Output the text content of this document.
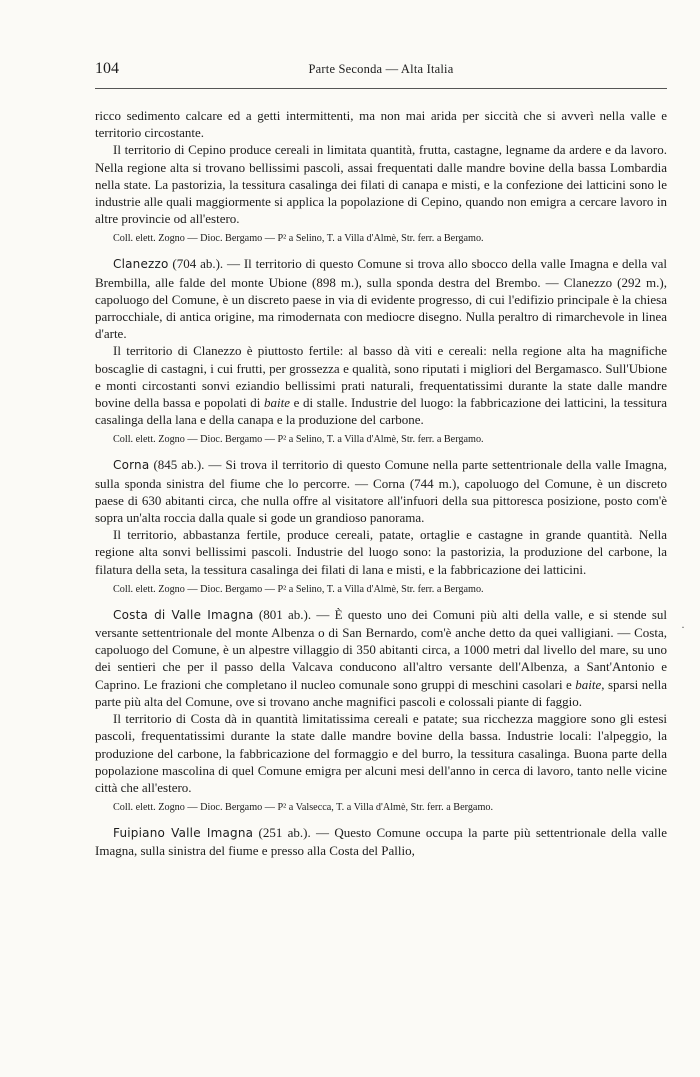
104	Parte Seconda — Alta Italia

ricco sedimento calcare ed a getti intermittenti, ma non mai arida per siccità che si avverì nella valle e territorio circostante.

Il territorio di Cepino produce cereali in limitata quantità, frutta, castagne, legname da ardere e da lavoro. Nella regione alta si trovano bellissimi pascoli, assai frequentati dalle mandre bovine della bassa Lombardia nella state. La pastorizia, la tessitura casalinga dei filati di canapa e misti, e la confezione dei latticini sono le industrie alle quali maggiormente si applica la popolazione di Cepino, quando non emigra a cercare lavoro in altre provincie od all'estero.

Coll. elett. Zogno — Dioc. Bergamo — P² a Selino, T. a Villa d'Almè, Str. ferr. a Bergamo.

Clanezzo (704 ab.). — Il territorio di questo Comune si trova allo sbocco della valle Imagna e della val Brembilla, alle falde del monte Ubione (898 m.), sulla sponda destra del Brembo. — Clanezzo (292 m.), capoluogo del Comune, è un discreto paese in via di evidente progresso, di cui l'edifizio principale è la chiesa parrocchiale, di antica origine, ma rimodernata con mediocre disegno. Nulla peraltro di rimarchevole in linea d'arte.

Il territorio di Clanezzo è piuttosto fertile: al basso dà viti e cereali: nella regione alta ha magnifiche boscaglie di castagni, i cui frutti, per grossezza e qualità, sono riputati i migliori del Bergamasco. Sull'Ubione e monti circostanti sonvi eziandio bellissimi prati naturali, frequentatissimi durante la state dalle mandre bovine della bassa e popolati di baite e di stalle. Industrie del luogo: la fabbricazione dei latticini, la tessitura casalinga della lana e della canapa e la produzione del carbone.

Coll. elett. Zogno — Dioc. Bergamo — P² a Selino, T. a Villa d'Almè, Str. ferr. a Bergamo.

Corna (845 ab.). — Si trova il territorio di questo Comune nella parte settentrionale della valle Imagna, sulla sponda sinistra del fiume che lo percorre. — Corna (744 m.), capoluogo del Comune, è un discreto paese di 630 abitanti circa, che nulla offre al visitatore all'infuori della sua pittoresca posizione, posto com'è sopra un'alta roccia dalla quale si gode un grandioso panorama.

Il territorio, abbastanza fertile, produce cereali, patate, ortaglie e castagne in grande quantità. Nella regione alta sonvi bellissimi pascoli. Industrie del luogo sono: la pastorizia, la produzione del carbone, la filatura della seta, la tessitura casalinga dei filati di lana e misti, e la fabbricazione dei latticini.

Coll. elett. Zogno — Dioc. Bergamo — P² a Selino, T. a Villa d'Almè, Str. ferr. a Bergamo.

Costa di Valle Imagna (801 ab.). — È questo uno dei Comuni più alti della valle, e si stende sul versante settentrionale del monte Albenza o di San Bernardo, com'è anche detto da quei valligiani. — Costa, capoluogo del Comune, è un alpestre villaggio di 350 abitanti circa, a 1000 metri dal livello del mare, su uno dei sentieri che per il passo della Valcava conducono all'altro versante dell'Albenza, a Sant'Antonio e Caprino. Le frazioni che completano il nucleo comunale sono gruppi di meschini casolari e baite, sparsi nella parte più alta del Comune, ove si trovano anche magnifici pascoli e colossali piante di faggio.

Il territorio di Costa dà in quantità limitatissima cereali e patate; sua ricchezza maggiore sono gli estesi pascoli, frequentatissimi durante la state dalle mandre bovine della bassa. Industrie locali: l'alpeggio, la produzione del carbone, la fabbricazione del formaggio e del burro, la tessitura casalinga. Buona parte della popolazione mascolina di quel Comune emigra per alcuni mesi dell'anno in cerca di lavoro, tanto nelle vicine città che all'estero.

Coll. elett. Zogno — Dioc. Bergamo — P² a Valsecca, T. a Villa d'Almè, Str. ferr. a Bergamo.

Fuipiano Valle Imagna (251 ab.). — Questo Comune occupa la parte più settentrionale della valle Imagna, sulla sinistra del fiume e presso alla Costa del Pallio,

·
